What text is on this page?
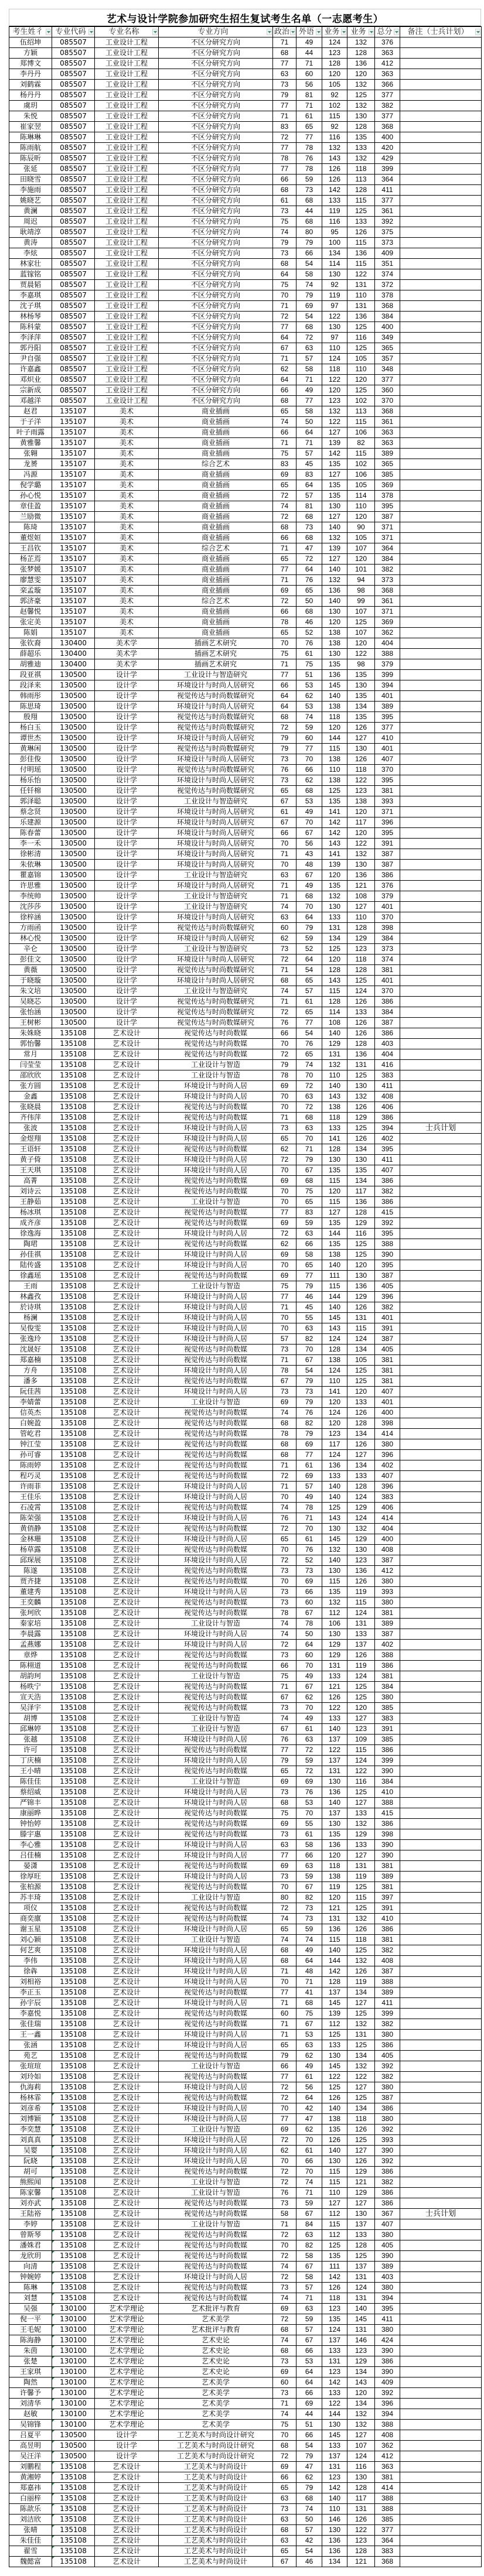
艺术与设计学院参加研究生招生复试考生名单（一志愿考生）
考生姓彳	专业代码	专业名称	专业方向	政治	外语	业务	业务	总分	备注（士兵计划）

伍绍坤	085507	工业设计工程	不区分研究方向	71	49	124	132	376	
方颖	085507	工业设计工程	不区分研究方向	68	44	123	128	363	
郑博文	085507	工业设计工程	不区分研究方向	77	71	128	136	412	
李丹丹	085507	工业设计工程	不区分研究方向	63	60	120	120	363	
刘鹤霖	085507	工业设计工程	不区分研究方向	73	56	105	132	366	
杨丹丹	085507	工业设计工程	不区分研究方向	79	81	92	125	377	
虞玥	085507	工业设计工程	不区分研究方向	77	71	102	132	382	
朱悦	085507	工业设计工程	不区分研究方向	71	61	115	130	377	
崔家翌	085507	工业设计工程	不区分研究方向	83	65	92	128	368	
陈琳琳	085507	工业设计工程	不区分研究方向	72	77	116	135	400	
陈雨航	085507	工业设计工程	不区分研究方向	77	78	132	133	420	
陈辰昕	085507	工业设计工程	不区分研究方向	78	76	143	132	429	
张延	085507	工业设计工程	不区分研究方向	77	78	126	118	399	
田晓雪	085507	工业设计工程	不区分研究方向	66	59	126	113	364	
李施雨	085507	工业设计工程	不区分研究方向	68	73	142	128	411	
姚晓艺	085507	工业设计工程	不区分研究方向	61	68	133	115	377	
黄澜	085507	工业设计工程	不区分研究方向	73	44	119	125	361	
周迟	085507	工业设计工程	不区分研究方向	75	68	116	133	392	
耿靖淳	085507	工业设计工程	不区分研究方向	74	80	95	126	375	
黄涛	085507	工业设计工程	不区分研究方向	79	79	100	115	373	
李炫	085507	工业设计工程	不区分研究方向	73	66	134	136	409	
林家壮	085507	工业设计工程	不区分研究方向	68	54	114	115	351	
蓝镓铭	085507	工业设计工程	不区分研究方向	64	58	130	122	374	
贾晨韬	085507	工业设计工程	不区分研究方向	75	74	92	131	372	
李嘉琪	085507	工业设计工程	不区分研究方向	70	79	119	110	378	
沈子琪	085507	工业设计工程	不区分研究方向	71	69	97	131	368	
林杨琴	085507	工业设计工程	不区分研究方向	72	54	122	136	384	
陈科蒙	085507	工业设计工程	不区分研究方向	77	68	130	125	400	
李泽萍	085507	工业设计工程	不区分研究方向	64	72	97	116	349	
郭丹阳	085507	工业设计工程	不区分研究方向	67	63	110	125	365	
尹自强	085507	工业设计工程	不区分研究方向	71	57	124	105	357	
许嘉鑫	085507	工业设计工程	不区分研究方向	62	58	118	110	348	
邓炽业	085507	工业设计工程	不区分研究方向	64	71	122	120	377	
宗新成	085507	工业设计工程	不区分研究方向	66	49	120	125	360	
邓越洋	085507	工业设计工程	不区分研究方向	68	77	123	102	370	
赵君	135107	美术	商业插画	65	58	132	113	368	
于子洋	135107	美术	商业插画	74	50	122	115	361	
叶子雨露	135107	美术	商业插画	66	64	127	106	363	
黄雅馨	135107	美术	商业插画	71	71	139	82	363	
张翱	135107	美术	商业插画	75	57	142	115	389	
龙赟	135107	美术	综合艺术	83	45	135	102	365	
冯源	135107	美术	商业插画	69	83	127	106	385	
倪学璐	135107	美术	商业插画	65	64	135	105	369	
孙心悦	135107	美术	商业插画	72	57	135	114	378	
章佳盈	135107	美术	商业插画	74	81	130	110	395	
兰励微	135107	美术	商业插画	72	68	127	120	387	
陈琦	135107	美术	商业插画	68	73	140	90	371	
董煜姮	135107	美术	商业插画	66	68	132	105	371	
王昌钦	135107	美术	综合艺术	71	47	139	107	364	
杨芷焉	135107	美术	商业插画	65	72	127	120	384	
张梦媛	135107	美术	商业插画	77	64	140	101	382	
廖慧雯	135107	美术	商业插画	71	76	132	94	373	
栾孟璇	135107	美术	商业插画	69	65	136	98	368	
郭济豪	135107	美术	综合艺术	72	50	140	99	361	
赵馨悦	135107	美术	商业插画	66	68	130	107	371	
张定美	135107	美术	商业插画	78	46	120	125	369	
陈娟	135107	美术	商业插画	65	52	138	107	362	
张钦裔	130400	美术学	插画艺术研究	70	76	138	120	404	
薛超乐	130400	美术学	插画艺术研究	75	61	130	122	388	
胡雅迪	130400	美术学	插画艺术研究	71	75	135	98	379	
段亚祺	130500	设计学	工业设计与智造研究	77	51	136	135	399	
段泽来	130500	设计学	环境设计与时尚人居研究	66	53	145	130	394	
韩雨彤	130500	设计学	视觉传达与时尚数媒研究	64	62	140	135	401	
陈思琦	130500	设计学	环境设计与时尚人居研究	64	53	138	134	389	
殷翔	130500	设计学	视觉传达与时尚数媒研究	68	74	118	135	395	
杨白玉	130500	设计学	视觉传达与时尚数媒研究	72	59	120	126	377	
谭世杰	130500	设计学	环境设计与时尚人居研究	79	60	144	127	410	
黄琳闲	130500	设计学	视觉传达与时尚数媒研究	79	77	115	130	401	
彭佳俊	130500	设计学	环境设计与时尚人居研究	73	70	138	126	407	
付明瑶	130500	设计学	视觉传达与时尚数媒研究	76	66	110	118	370	
杨乐怡	130500	设计学	环境设计与时尚人居研究	73	62	138	122	395	
任钎棉	130500	设计学	视觉传达与时尚数媒研究	65	68	125	123	381	
郭泽聪	130500	设计学	工业设计与智造研究	67	53	135	138	393	
蔡念贤	130500	设计学	环境设计与时尚人居研究	61	49	141	120	371	
乐建源	130500	设计学	环境设计与时尚人居研究	67	70	142	117	396	
陈春蕾	130500	设计学	环境设计与时尚人居研究	66	67	142	120	395	
李一禾	130500	设计学	环境设计与时尚人居研究	70	56	143	122	391	
徐彬清	130500	设计学	环境设计与时尚人居研究	71	43	141	132	387	
朱依琳	130500	设计学	环境设计与时尚人居研究	70	48	139	130	387	
瞿嘉锦	130500	设计学	工业设计与智造研究	63	67	120	136	386	
许思雅	130500	设计学	环境设计与时尚人居研究	71	49	135	121	376	
李统帅	130500	设计学	工业设计与智造研究	71	68	132	108	379	
沈莎莎	130500	设计学	工业设计与智造研究	74	70	130	127	401	
徐梓涵	130500	设计学	环境设计与时尚人居研究	63	64	133	110	370	
方雨函	130500	设计学	视觉传达与时尚数媒研究	60	79	131	128	398	
林心悦	130500	设计学	环境设计与时尚人居研究	62	59	134	129	384	
辛仑	130500	设计学	工业设计与智造研究	73	52	125	123	373	
彭佳文	130500	设计学	环境设计与时尚人居研究	72	64	120	118	374	
黄薇	130500	设计学	视觉传达与时尚数媒研究	71	54	128	128	381	
于晓璇	130500	设计学	环境设计与时尚人居研究	68	65	143	125	401	
朱文培	130500	设计学	工业设计与智造研究	74	57	115	124	370	
吴晓芯	130500	设计学	视觉传达与时尚数媒研究	71	61	128	126	386	
张怡涵	130500	设计学	视觉传达与时尚数媒研究	72	65	114	133	384	
王树彬	130500	设计学	视觉传达与时尚数媒研究	76	77	108	126	387	
朱姝晓	135108	艺术设计	视觉传达与时尚数媒	66	54	140	126	386	
郭怡馨	135108	艺术设计	视觉传达与时尚数媒	70	76	129	128	403	
常月	135108	艺术设计	视觉传达与时尚数媒	72	65	131	136	404	
闫莹莹	135108	艺术设计	工业设计与智造	79	74	132	131	416	
邵欣欣	135108	艺术设计	工业设计与智造	78	70	110	125	383	
张方圆	135108	艺术设计	环境设计与时尚人居	69	72	140	130	411	
金鑫	135108	艺术设计	环境设计与时尚人居	70	63	143	132	408	
张晓晨	135108	艺术设计	视觉传达与时尚数媒	70	72	138	126	406	
齐伟萍	135108	艺术设计	视觉传达与时尚数媒	71	68	118	129	386	
张波	135108	艺术设计	环境设计与时尚人居	73	63	133	125	394	士兵计划
金煜翔	135108	艺术设计	环境设计与时尚人居	65	70	141	126	402	
王语轩	135108	艺术设计	视觉传达与时尚数媒	62	71	128	134	395	
黄子倚	135108	艺术设计	环境设计与时尚人居	72	79	130	130	411	
王天琪	135108	艺术设计	环境设计与时尚人居	70	67	135	135	407	
高菁	135108	艺术设计	视觉传达与时尚数媒	69	68	115	134	386	
刘诗云	135108	艺术设计	视觉传达与时尚数媒	70	75	120	117	382	
王静茹	135108	艺术设计	工业设计与智造	70	65	115	136	386	
杨冰琪	135108	艺术设计	视觉传达与时尚数媒	77	83	127	128	415	
成齐彦	135108	艺术设计	视觉传达与时尚数媒	69	59	135	129	392	
徐逸海	135108	艺术设计	环境设计与时尚人居	72	63	144	116	395	
陶珺	135108	艺术设计	视觉传达与时尚数媒	62	66	135	125	388	
孙佳祺	135108	艺术设计	环境设计与时尚人居	69	58	138	125	390	
陆传盛	135108	艺术设计	环境设计与时尚人居	70	65	140	120	395	
徐鑫瑶	135108	艺术设计	视觉传达与时尚数媒	69	77	111	130	387	
王雨	135108	艺术设计	工业设计与智造	75	79	115	136	405	
林鑫孜	135108	艺术设计	环境设计与时尚人居	77	46	144	129	396	
於诗琪	135108	艺术设计	环境设计与时尚人居	71	45	140	126	382	
杨澜	135108	艺术设计	环境设计与时尚人居	70	55	145	131	401	
吴俊雯	135108	艺术设计	环境设计与时尚人居	70	63	143	115	391	
张逸玲	135108	艺术设计	环境设计与时尚人居	57	82	124	124	387	
沈晟好	135108	艺术设计	视觉传达与时尚数媒	73	70	128	134	405	
郑嘉楠	135108	艺术设计	视觉传达与时尚数媒	71	67	138	105	381	
方舟	135108	艺术设计	环境设计与时尚人居	78	54	124	125	381	
潘多	135108	艺术设计	视觉传达与时尚数媒	67	79	110	125	381	
阮佳茜	135108	艺术设计	环境设计与时尚人居	73	73	141	120	407	
李婧蕾	135108	艺术设计	工业设计与智造	69	79	120	133	401	
信英杰	135108	艺术设计	视觉传达与时尚数媒	74	76	124	126	400	
白婉盈	135108	艺术设计	视觉传达与时尚数媒	68	82	120	128	398	
管屹君	135108	艺术设计	视觉传达与时尚数媒	78	79	123	134	414	
钟江莹	135108	艺术设计	视觉传达与时尚数媒	68	69	117	126	380	
孙可睿	135108	艺术设计	视觉传达与时尚数媒	68	77	124	127	396	
陈雨婷	135108	艺术设计	视觉传达与时尚数媒	71	61	136	134	402	
程巧灵	135108	艺术设计	视觉传达与时尚数媒	72	69	133	133	407	
许雨菲	135108	艺术设计	环境设计与时尚人居	71	57	140	128	396	
王佳乐	135108	艺术设计	环境设计与时尚人居	70	49	140	124	383	
石凌霄	135108	艺术设计	视觉传达与时尚数媒	74	78	125	129	406	
陈荣强	135108	艺术设计	环境设计与时尚人居	76	71	143	124	414	
黄俏静	135108	艺术设计	视觉传达与时尚数媒	72	70	130	132	404	
金林珊	135108	艺术设计	环境设计与时尚人居	65	61	145	129	400	
杨草露	135108	艺术设计	视觉传达与时尚数媒	70	76	132	130	408	
邱琛展	135108	艺术设计	环境设计与时尚人居	72	52	140	123	387	
陈遂	135108	艺术设计	视觉传达与时尚数媒	73	73	130	136	412	
贾齐捷	135108	艺术设计	视觉传达与时尚数媒	70	69	115	126	380	
董建秀	135108	艺术设计	环境设计与时尚人居	73	66	135	119	393	
王奕麟	135108	艺术设计	视觉传达与时尚数媒	73	60	132	115	380	
张珂欣	135108	艺术设计	视觉传达与时尚数媒	78	67	112	124	381	
秦家培	135108	艺术设计	工业设计与智造	74	78	106	131	389	
李晨露	135108	艺术设计	环境设计与时尚人居	74	50	130	133	387	
孟燕娜	135108	艺术设计	环境设计与时尚人居	72	64	129	137	402	
章烨	135108	艺术设计	视觉传达与时尚数媒	73	60	129	126	388	
陈栩道	135108	艺术设计	视觉传达与时尚数媒	66	70	131	119	386	
胡韵珂	135108	艺术设计	工业设计与智造	75	49	133	124	381	
杨昳宁	135108	艺术设计	视觉传达与时尚数媒	71	67	121	125	384	
宣天浩	135108	艺术设计	视觉传达与时尚数媒	67	62	126	125	380	
吴泽宇	135108	艺术设计	视觉传达与时尚数媒	73	70	122	120	385	
胡博	135108	艺术设计	工业设计与智造	74	49	133	127	383	
邱琳婷	135108	艺术设计	工业设计与智造	67	61	140	123	391	
张越	135108	艺术设计	环境设计与时尚人居	76	63	137	109	385	
许可	135108	艺术设计	视觉传达与时尚数媒	77	72	122	115	386	
丁庆楠	135108	艺术设计	环境设计与时尚人居	79	59	137	124	399	
王小晴	135108	艺术设计	视觉传达与时尚数媒	65	72	131	122	390	
陈佳佳	135108	艺术设计	工业设计与智造	69	69	130	116	384	
蔡绍威	135108	艺术设计	环境设计与时尚人居	73	76	136	125	410	
严锦丰	135108	艺术设计	环境设计与时尚人居	68	53	140	127	388	
康丽晔	135108	艺术设计	视觉传达与时尚数媒	75	70	137	133	415	
钟怡婷	135108	艺术设计	视觉传达与时尚数媒	69	55	130	132	386	
滕宇惠	135108	艺术设计	视觉传达与时尚数媒	73	61	135	129	398	
李心雅	135108	艺术设计	环境设计与时尚人居	63	58	136	133	390	
吕佳楠	135108	艺术设计	环境设计与时尚人居	77	66	120	127	390	
晏潇	135108	艺术设计	视觉传达与时尚数媒	69	63	118	131	381	
徐厚旺	135108	艺术设计	环境设计与时尚人居	73	59	138	119	389	
张柏源	135108	艺术设计	视觉传达与时尚数媒	70	67	119	125	381	
苏丰琦	135108	艺术设计	工业设计与智造	80	82	120	115	397	
项仪	135108	艺术设计	视觉传达与时尚数媒	72	73	121	125	391	
商奕廪	135108	艺术设计	视觉传达与时尚数媒	74	73	131	132	410	
谢玉星	135108	艺术设计	环境设计与时尚人居	65	59	136	126	386	
刘心颖	135108	艺术设计	工业设计与智造	74	74	115	118	381	
何艺爽	135108	艺术设计	环境设计与时尚人居	68	49	140	125	382	
李伟	135108	艺术设计	环境设计与时尚人居	68	64	144	132	408	
徐犇	135108	艺术设计	环境设计与时尚人居	71	48	142	126	387	
刘相裕	135108	艺术设计	环境设计与时尚人居	70	71	128	119	388	
李正玉	135108	艺术设计	视觉传达与时尚数媒	77	41	137	134	389	
孙宇辰	135108	艺术设计	环境设计与时尚人居	71	68	145	127	411	
李嘉悦	135108	艺术设计	视觉传达与时尚数媒	60	75	139	125	399	
张佳瑞	135108	艺术设计	视觉传达与时尚数媒	71	67	112	132	382	
王一鑫	135108	艺术设计	环境设计与时尚人居	71	53	125	131	380	
张涵	135108	艺术设计	环境设计与时尚人居	65	63	133	125	386	
苑艺	135108	艺术设计	视觉传达与时尚数媒	79	62	130	134	405	
张瑄瑄	135108	艺术设计	工业设计与智造	66	49	145	132	392	
刘玲如	135108	艺术设计	视觉传达与时尚数媒	77	61	122	122	382	
仇海莉	135108	艺术设计	环境设计与时尚人居	72	56	125	127	380	
杨林霏	135108	艺术设计	视觉传达与时尚数媒	72	64	126	125	387	
刘彦希	135108	艺术设计	环境设计与时尚人居	70	42	140	134	386	
刘博颖	135108	艺术设计	环境设计与时尚人居	77	47	138	118	380	
李奕慧	135108	艺术设计	工业设计与智造	69	62	135	126	392	
刘真真	135108	艺术设计	环境设计与时尚人居	72	70	126	125	393	
吴婴	135108	艺术设计	环境设计与时尚人居	62	61	140	127	390	
阮晓	135108	艺术设计	环境设计与时尚人居	70	66	130	126	392	
胡可	135108	艺术设计	视觉传达与时尚数媒	72	70	115	129	386	
熊熙闻	135108	艺术设计	工业设计与智造	72	74	115	121	382	
陈家馨	135108	艺术设计	工业设计与智造	76	71	110	129	386	
刘亦武	135108	艺术设计	视觉传达与时尚数媒	73	59	127	127	386	
王陆裕	135108	艺术设计	视觉传达与时尚数媒	58	67	112	130	367	士兵计划
李婷	135108	艺术设计	工业设计与智造	71	84	115	137	407	
曾斯琴	135108	艺术设计	视觉传达与时尚数媒	72	63	112	133	380	
潘姝君	135108	艺术设计	视觉传达与时尚数媒	70	82	125	128	405	
龙欣玥	135108	艺术设计	视觉传达与时尚数媒	72	58	135	125	390	
向清	135108	艺术设计	视觉传达与时尚数媒	74	67	111	137	389	
钟婉婷	135108	艺术设计	环境设计与时尚人居	72	58	142	131	403	
陈琳	135108	艺术设计	视觉传达与时尚数媒	73	57	126	124	380	
刘慧	135108	艺术设计	视觉传达与时尚数媒	74	71	118	131	394	
吴强	130100	艺术学理论	艺术批评与教育	69	63	123	140	395	
倪一平	130100	艺术学理论	艺术美学	72	59	135	145	411	
王毛妮	130100	艺术学理论	艺术批评与教育	68	57	124	131	380	
陈海静	130100	艺术学理论	艺术史论	74	67	137	146	424	
朱茵	130100	艺术学理论	艺术史论	68	66	133	123	390	
张楚	130100	艺术学理论	艺术史论	73	53	131	129	386	
王家琪	130100	艺术学理论	艺术史论	69	64	123	134	390	
陶然	130100	艺术学理论	艺术美学	60	64	142	143	409	
许馨予	130100	艺术学理论	艺术美学	73	66	133	120	392	
刘清华	130100	艺术学理论	艺术美学	71	69	122	134	396	
赵敏	130100	艺术学理论	艺术美学	74	44	144	132	394	
吴锦锋	130100	艺术学理论	艺术美学	75	51	130	132	388	
吕夏平	130500	设计学	工艺美术与时尚设计研究	70	66	145	127	408	
高昱明	130500	设计学	工艺美术与时尚设计研究	68	54	133	107	362	
吴汪洋	130500	设计学	工艺美术与时尚设计研究	72	79	137	124	412	
刘鹏程	135108	艺术设计	工艺美术与时尚设计	69	47	131	116	363	
黄湘婷	135108	艺术设计	工艺美术与时尚设计	66	62	123	130	381	
郑嘉祎	135108	艺术设计	工艺美术与时尚设计	65	79	142	128	414	
白丽梓	135108	艺术设计	工艺美术与时尚设计	63	68	140	117	388	
陈歆乐	135108	艺术设计	工艺美术与时尚设计	73	74	110	131	388	
刘洁欣	135108	艺术设计	工艺美术与时尚设计	63	50	146	126	385	
张晴	135108	艺术设计	工艺美术与时尚设计	68	57	130	122	377	
朱佳佳	135108	艺术设计	工艺美术与时尚设计	63	42	136	123	364	
翟雪	135108	艺术设计	工艺美术与时尚设计	65	54	136	128	383	
魏懿富	135108	艺术设计	工艺美术与时尚设计	67	46	134	121	368	
